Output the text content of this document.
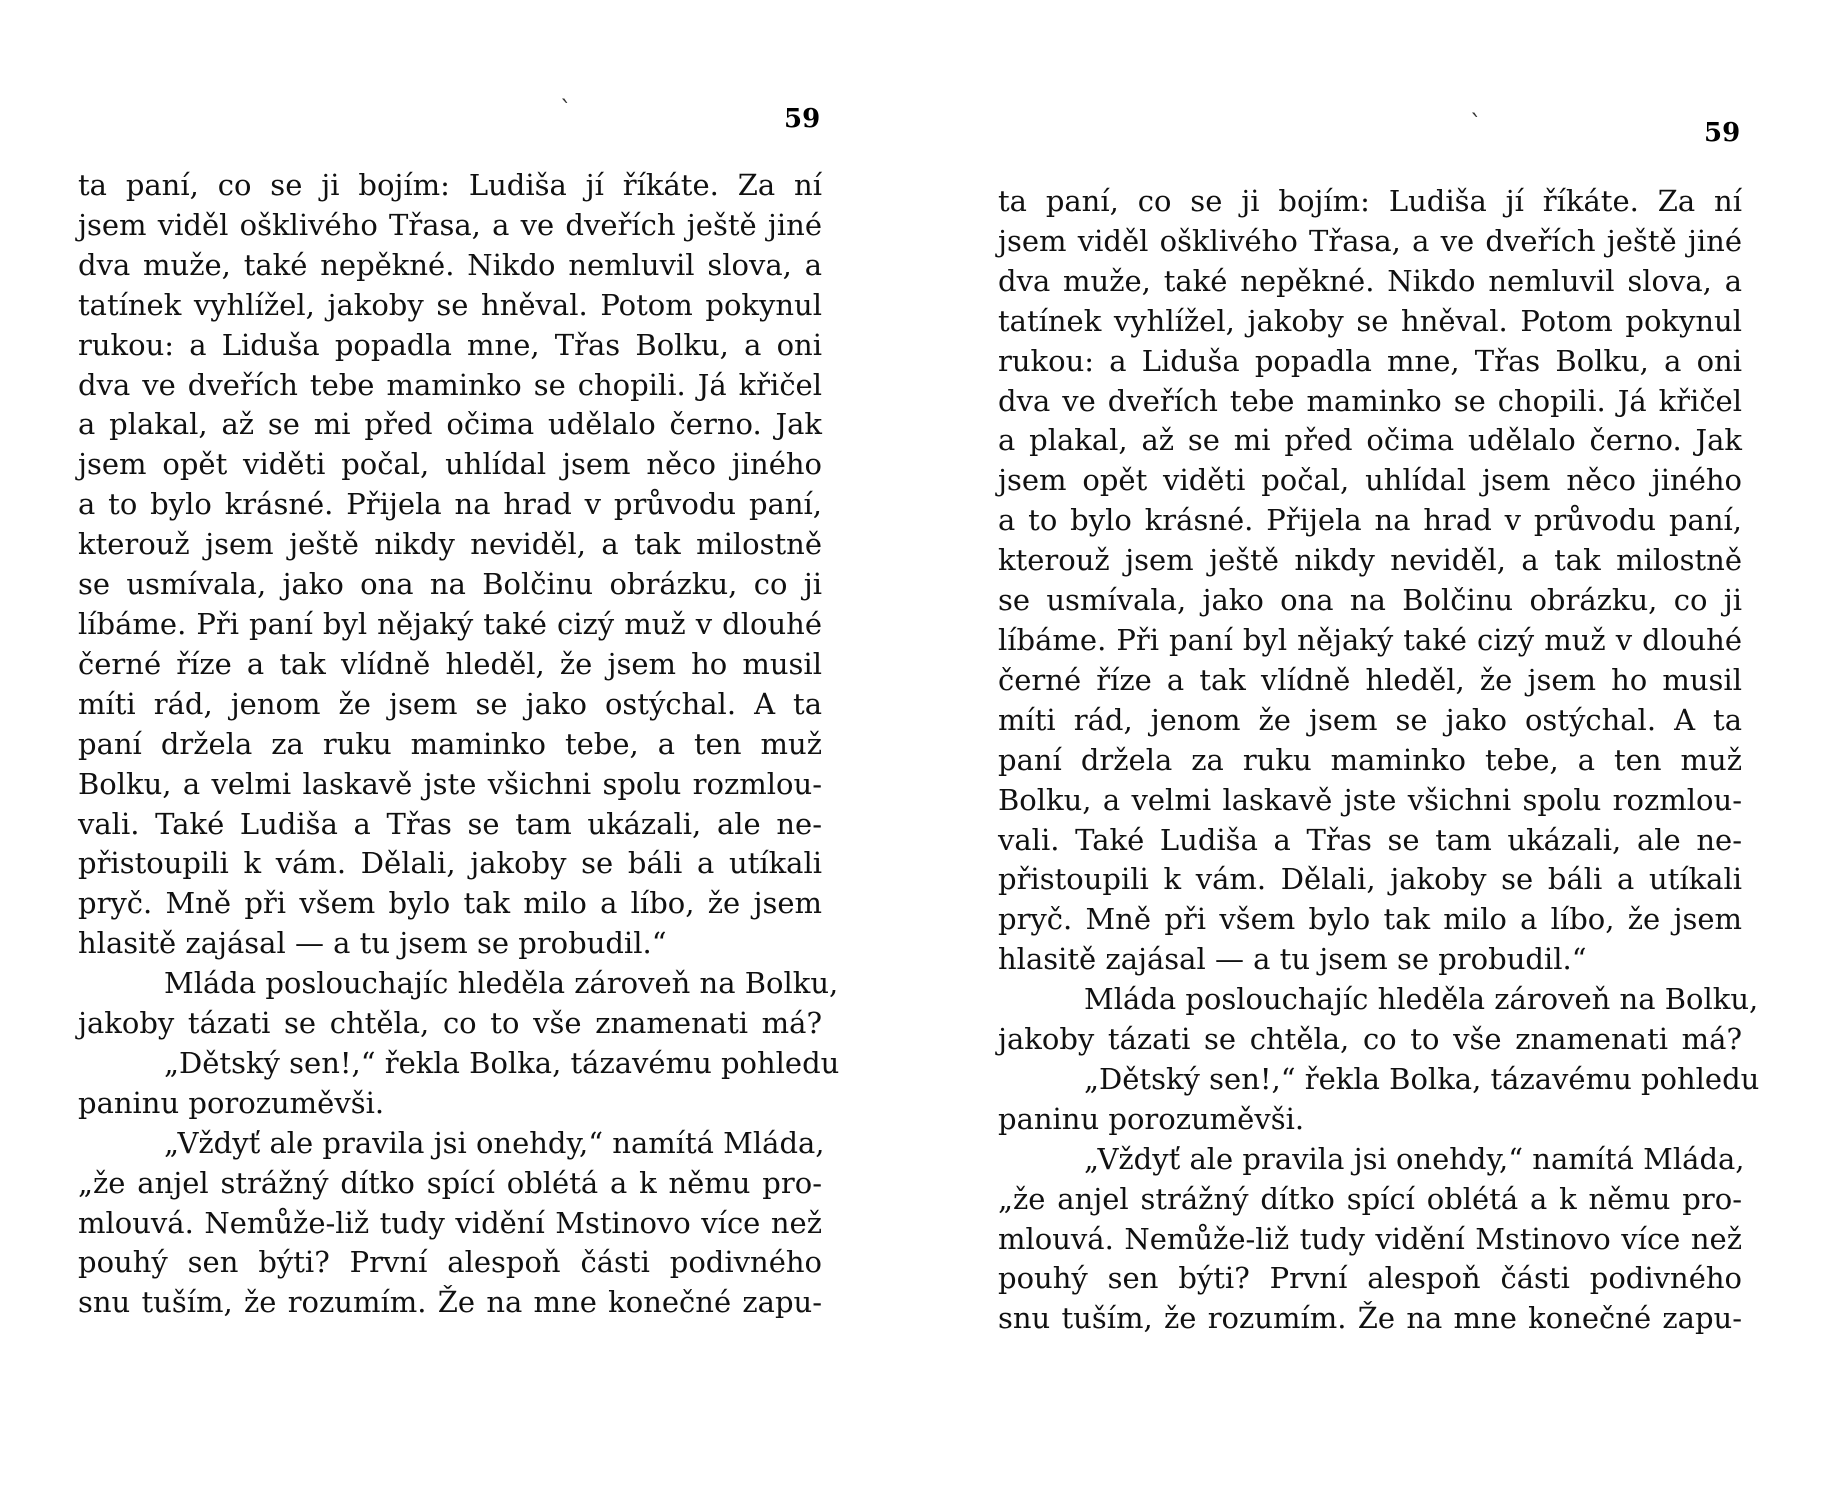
ˋ	59
ta paní, co se ji bojím: Ludiša jí říkáte. Za ní
jsem viděl ošklivého Třasa, a ve dveřích ještě jiné
dva muže, také nepěkné. Nikdo nemluvil slova, a
tatínek vyhlížel, jakoby se hněval. Potom pokynul
rukou: a Liduša popadla mne, Třas Bolku, a oni
dva ve dveřích tebe maminko se chopili. Já křičel
a plakal, až se mi před očima udělalo černo. Jak
jsem opět viděti počal, uhlídal jsem něco jiného
a to bylo krásné. Přijela na hrad v průvodu paní,
kterouž jsem ještě nikdy neviděl, a tak milostně
se usmívala, jako ona na Bolčinu obrázku, co ji
líbáme. Při paní byl nějaký také cizý muž v dlouhé
černé říze a tak vlídně hleděl, že jsem ho musil
míti rád, jenom že jsem se jako ostýchal. A ta
paní držela za ruku maminko tebe, a ten muž
Bolku, a velmi laskavě jste všichni spolu rozmlou-
vali. Také Ludiša a Třas se tam ukázali, ale ne-
přistoupili k vám. Dělali, jakoby se báli a utíkali
pryč. Mně při všem bylo tak milo a líbo, že jsem
hlasitě zajásal — a tu jsem se probudil.“
Mláda poslouchajíc hleděla zároveň na Bolku,
jakoby tázati se chtěla, co to vše znamenati má?
„Dětský sen!,“ řekla Bolka, tázavému pohledu
paninu porozuměvši.
„Vždyť ale pravila jsi onehdy,“ namítá Mláda,
„že anjel strážný dítko spící oblétá a k němu pro-
mlouvá. Nemůže-liž tudy vidění Mstinovo více než
pouhý sen býti? První alespoň části podivného
snu tuším, že rozumím. Že na mne konečné zapu-
ˋ	59
ta paní, co se ji bojím: Ludiša jí říkáte. Za ní
jsem viděl ošklivého Třasa, a ve dveřích ještě jiné
dva muže, také nepěkné. Nikdo nemluvil slova, a
tatínek vyhlížel, jakoby se hněval. Potom pokynul
rukou: a Liduša popadla mne, Třas Bolku, a oni
dva ve dveřích tebe maminko se chopili. Já křičel
a plakal, až se mi před očima udělalo černo. Jak
jsem opět viděti počal, uhlídal jsem něco jiného
a to bylo krásné. Přijela na hrad v průvodu paní,
kterouž jsem ještě nikdy neviděl, a tak milostně
se usmívala, jako ona na Bolčinu obrázku, co ji
líbáme. Při paní byl nějaký také cizý muž v dlouhé
černé říze a tak vlídně hleděl, že jsem ho musil
míti rád, jenom že jsem se jako ostýchal. A ta
paní držela za ruku maminko tebe, a ten muž
Bolku, a velmi laskavě jste všichni spolu rozmlou-
vali. Také Ludiša a Třas se tam ukázali, ale ne-
přistoupili k vám. Dělali, jakoby se báli a utíkali
pryč. Mně při všem bylo tak milo a líbo, že jsem
hlasitě zajásal — a tu jsem se probudil.“
Mláda poslouchajíc hleděla zároveň na Bolku,
jakoby tázati se chtěla, co to vše znamenati má?
„Dětský sen!,“ řekla Bolka, tázavému pohledu
paninu porozuměvši.
„Vždyť ale pravila jsi onehdy,“ namítá Mláda,
„že anjel strážný dítko spící oblétá a k němu pro-
mlouvá. Nemůže-liž tudy vidění Mstinovo více než
pouhý sen býti? První alespoň části podivného
snu tuším, že rozumím. Že na mne konečné zapu-
